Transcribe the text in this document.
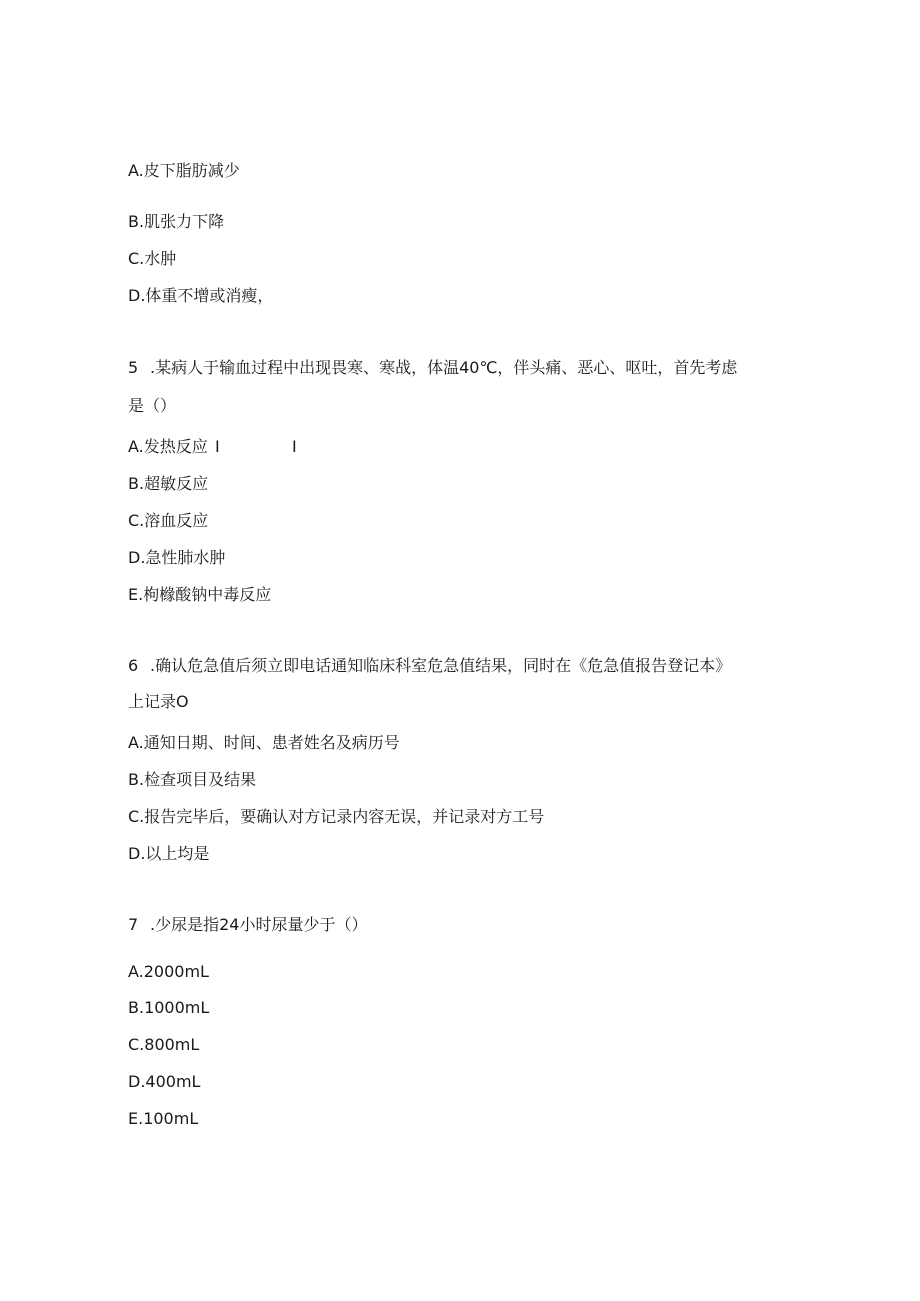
A.皮下脂肪减少
B.肌张力下降
C.水肿
D.体重不增或消瘦，
5 .某病人于输血过程中出现畏寒、寒战，体温40℃，伴头痛、恶心、呕吐，首先考虑
是（）
A.发热反应 I	I
B.超敏反应
C.溶血反应
D.急性肺水肿
E.枸橼酸钠中毒反应
6 .确认危急值后须立即电话通知临床科室危急值结果，同时在《危急值报告登记本》
上记录O
A.通知日期、时间、患者姓名及病历号
B.检查项目及结果
C.报告完毕后，要确认对方记录内容无误，并记录对方工号
D.以上均是
7 .少尿是指24小时尿量少于（）
A.2000mL
B.1000mL
C.800mL
D.400mL
E.100mL
